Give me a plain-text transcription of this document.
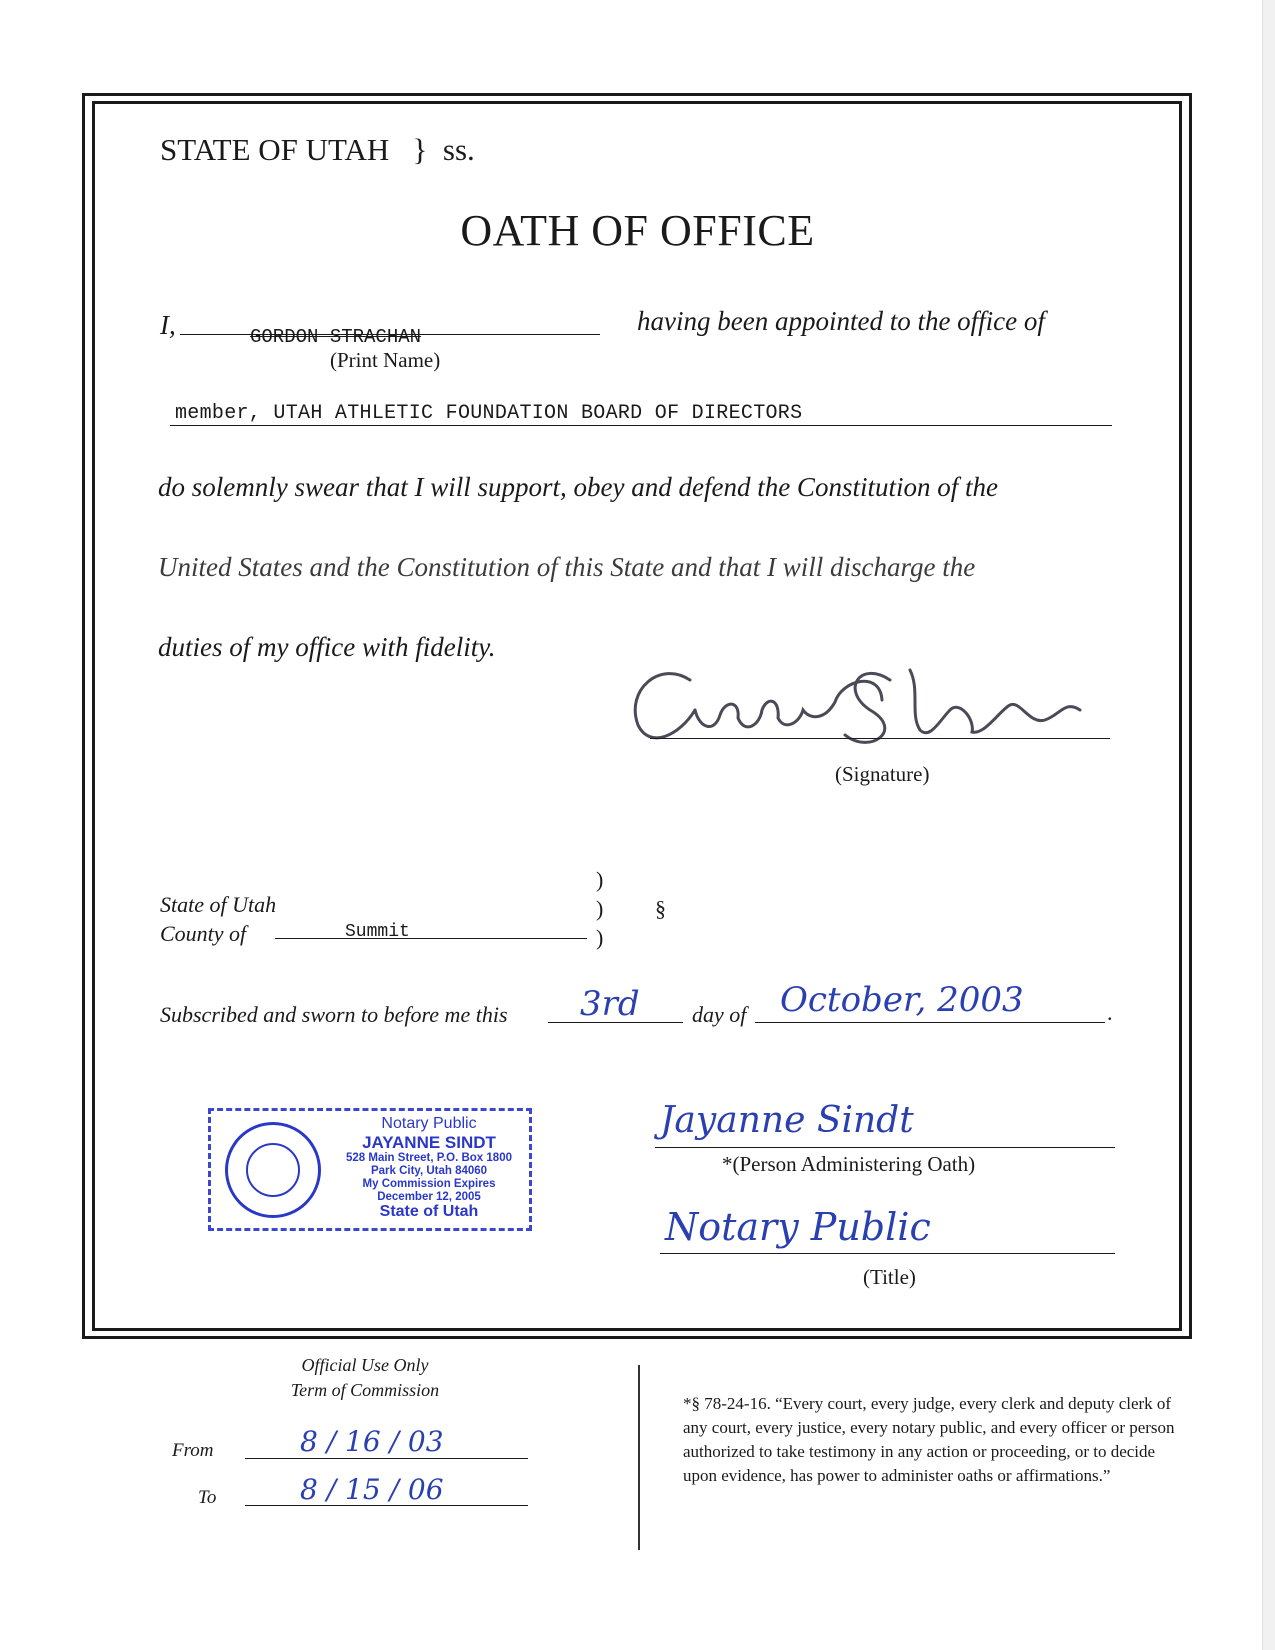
STATE OF UTAH } ss.
OATH OF OFFICE
I,	GORDON STRACHAN
(Print Name)
having been appointed to the office of
member, UTAH ATHLETIC FOUNDATION BOARD OF DIRECTORS
do solemnly swear that I will support, obey and defend the Constitution of the
United States and the Constitution of this State and that I will discharge the
duties of my office with fidelity.
(Signature)
State of Utah
County of	Summit
)
)
)
§
Subscribed and sworn to before me this 3rd day of October, 2003	.
Notary Public
JAYANNE SINDT
528 Main Street, P.O. Box 1800
Park City, Utah 84060
My Commission Expires
December 12, 2005
State of Utah
Jayanne Sindt
*(Person Administering Oath)
Notary Public
(Title)
Official Use Only
Term of Commission
From	8 / 16 / 03
To	8 / 15 / 06
*§ 78-24-16. “Every court, every judge, every clerk and deputy clerk of any court, every justice, every notary public, and every officer or person authorized to take testimony in any action or proceeding, or to decide upon evidence, has power to administer oaths or affirmations.”
